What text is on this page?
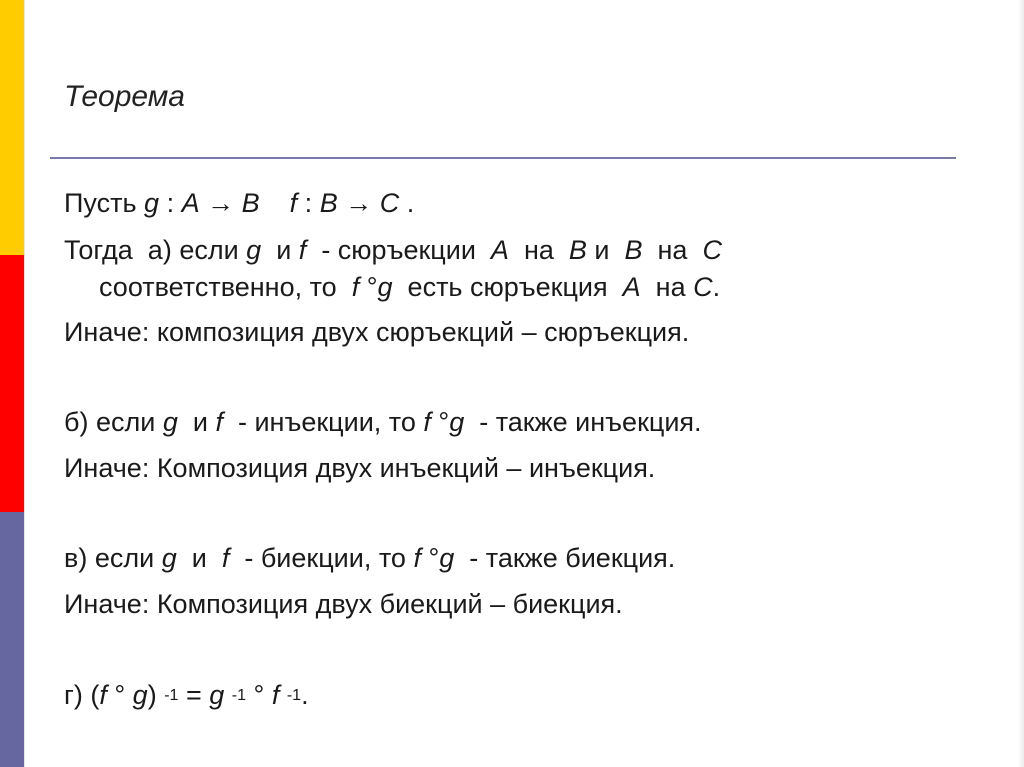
Теорема

Пусть g : A → B f : B → C .

Тогда  а) если g  и f  - сюръекции  A  на  B и  B  на  C

соответственно, то  f °g  есть сюръекция  A  на C.

Иначе: композиция двух сюръекций – сюръекция.

б) если g  и f  - инъекции, то f °g  - также инъекция.

Иначе: Композиция двух инъекций – инъекция.

в) если g  и  f  - биекции, то f °g  - также биекция.

Иначе: Композиция двух биекций – биекция.

г) (f ° g) $^{-1}$ = g $^{-1}$ ° f $^{-1}$.
